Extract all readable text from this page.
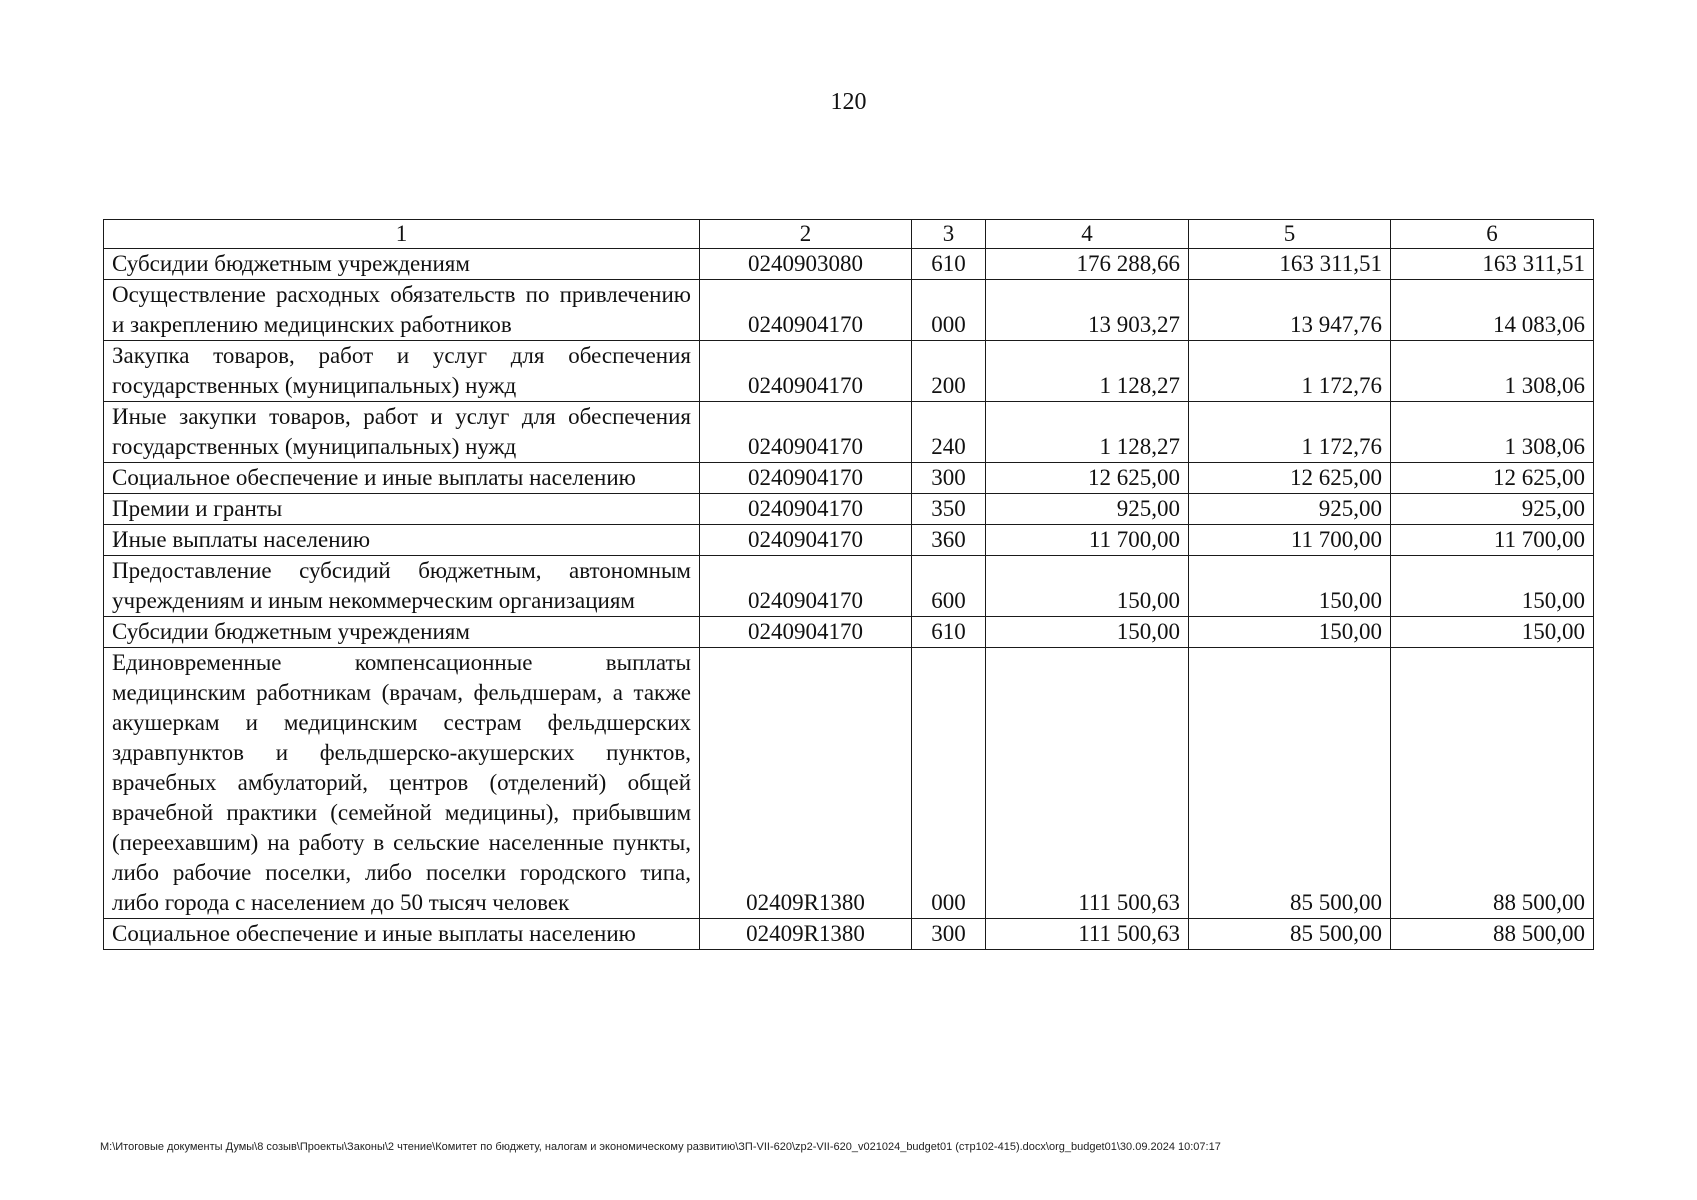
120
1	2	3	4	5	6
Субсидии бюджетным учреждениям	0240903080	610	176 288,66	163 311,51	163 311,51
Осуществление расходных обязательств по привлечению и закреплению медицинских работников	0240904170	000	13 903,27	13 947,76	14 083,06
Закупка товаров, работ и услуг для обеспечения государственных (муниципальных) нужд	0240904170	200	1 128,27	1 172,76	1 308,06
Иные закупки товаров, работ и услуг для обеспечения государственных (муниципальных) нужд	0240904170	240	1 128,27	1 172,76	1 308,06
Социальное обеспечение и иные выплаты населению	0240904170	300	12 625,00	12 625,00	12 625,00
Премии и гранты	0240904170	350	925,00	925,00	925,00
Иные выплаты населению	0240904170	360	11 700,00	11 700,00	11 700,00
Предоставление субсидий бюджетным, автономным учреждениям и иным некоммерческим организациям	0240904170	600	150,00	150,00	150,00
Субсидии бюджетным учреждениям	0240904170	610	150,00	150,00	150,00
Единовременные компенсационные выплаты медицинским работникам (врачам, фельдшерам, а также акушеркам и медицинским сестрам фельдшерских здравпунктов и фельдшерско-акушерских пунктов, врачебных амбулаторий, центров (отделений) общей врачебной практики (семейной медицины), прибывшим (переехавшим) на работу в сельские населенные пункты, либо рабочие поселки, либо поселки городского типа, либо города с населением до 50 тысяч человек	02409R1380	000	111 500,63	85 500,00	88 500,00
Социальное обеспечение и иные выплаты населению	02409R1380	300	111 500,63	85 500,00	88 500,00
M:\Итоговые документы Думы\8 созыв\Проекты\Законы\2 чтение\Комитет по бюджету, налогам и экономическому развитию\ЗП-VII-620\zp2-VII-620_v021024_budget01 (стр102-415).docx\org_budget01\30.09.2024 10:07:17
